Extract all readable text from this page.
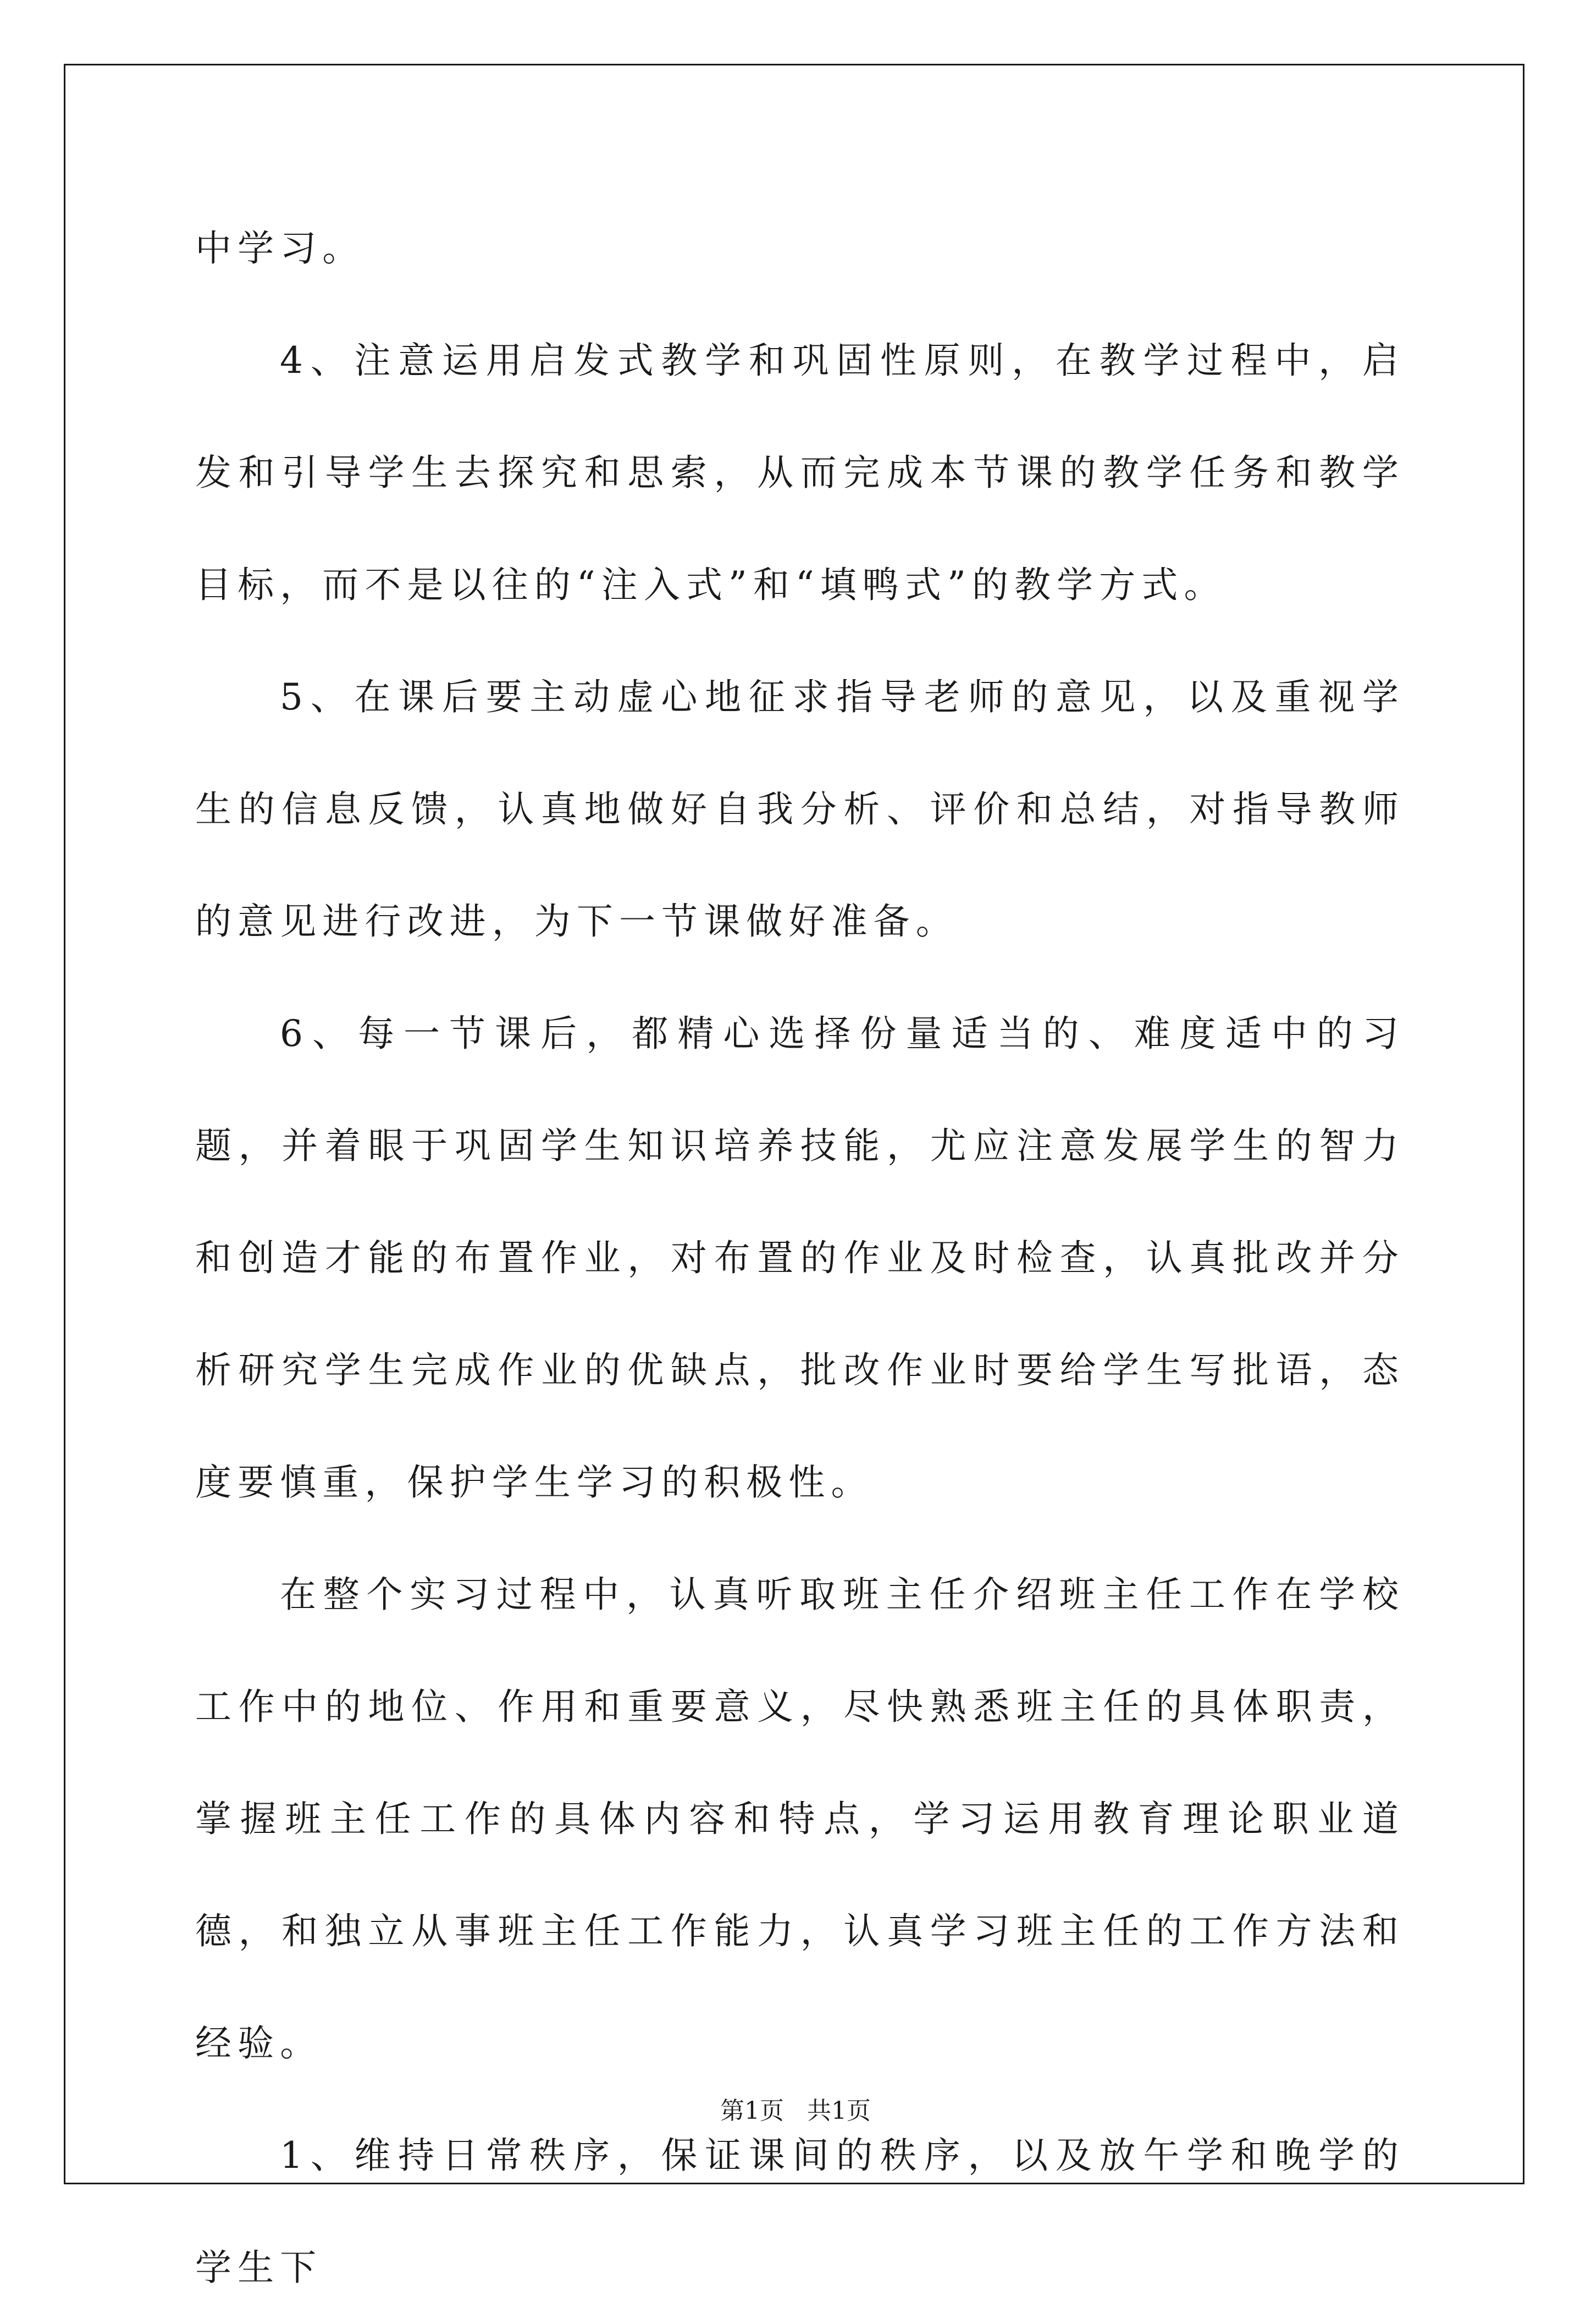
中学习。

4、注意运用启发式教学和巩固性原则，在教学过程中，启发和引导学生去探究和思索，从而完成本节课的教学任务和教学目标，而不是以往的“注入式”和“填鸭式”的教学方式。

5、在课后要主动虚心地征求指导老师的意见，以及重视学生的信息反馈，认真地做好自我分析、评价和总结，对指导教师的意见进行改进，为下一节课做好准备。

6、每一节课后，都精心选择份量适当的、难度适中的习题，并着眼于巩固学生知识培养技能，尤应注意发展学生的智力和创造才能的布置作业，对布置的作业及时检查，认真批改并分析研究学生完成作业的优缺点，批改作业时要给学生写批语，态度要慎重，保护学生学习的积极性。

在整个实习过程中，认真听取班主任介绍班主任工作在学校工作中的地位、作用和重要意义，尽快熟悉班主任的具体职责，掌握班主任工作的具体内容和特点，学习运用教育理论职业道德，和独立从事班主任工作能力，认真学习班主任的工作方法和经验。

1、维持日常秩序，保证课间的秩序，以及放午学和晚学的学生下

第1页 共1页
